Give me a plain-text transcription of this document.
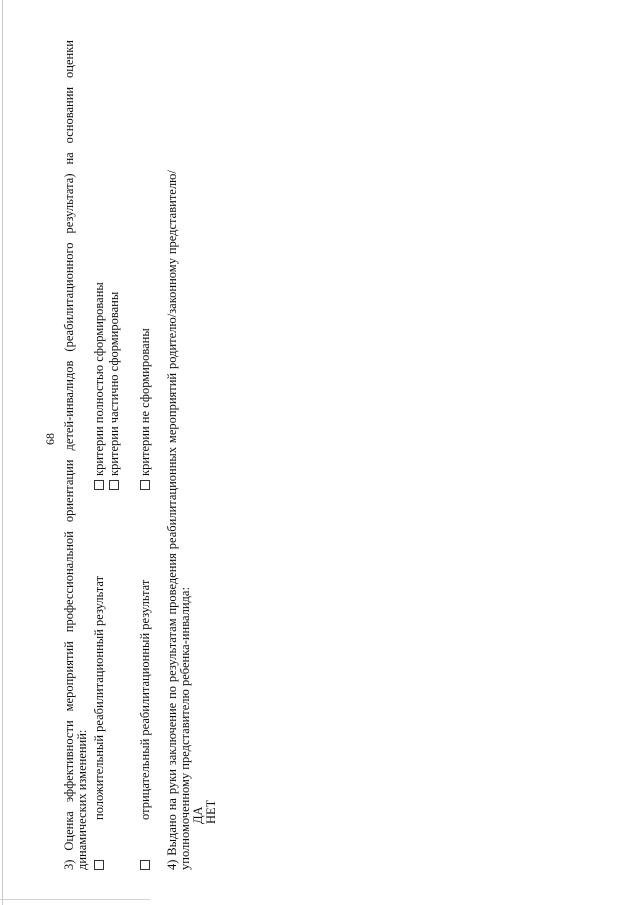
68 3) Оценка эффективности мероприятий профессиональной ориентации детей-инвалидов (реабилитационного результата) на основании оценки динамических изменений: положительный реабилитационный результат
критерии полностью сформированы критерии частично сформированы
отрицательный реабилитационный результат
критерии не сформированы
4)
Выдано
на
руки
заключение
по
результатам
проведения
реабилитационных
мероприятий
родителю/законному
представителю/
уполномоченному представителю ребенка-инвалида: ДА НЕТ
